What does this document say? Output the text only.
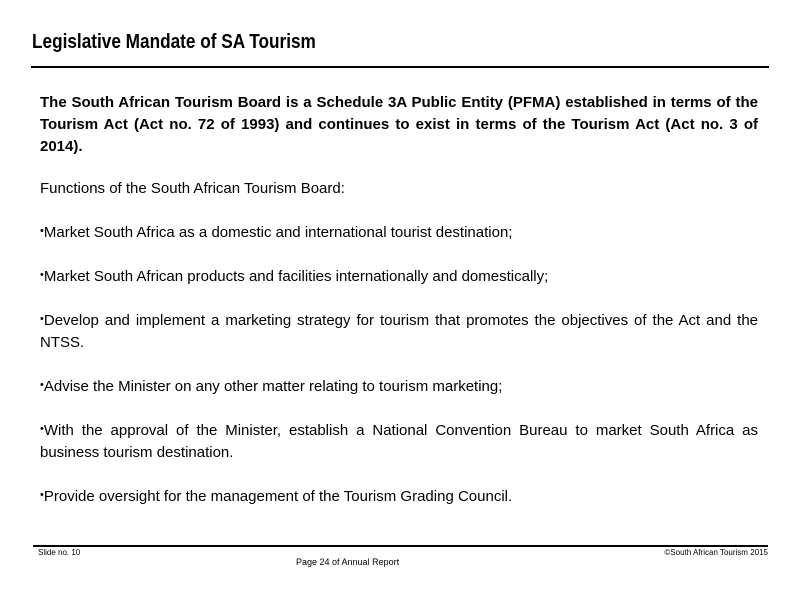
Legislative Mandate of SA Tourism

The South African Tourism Board is a Schedule 3A Public Entity (PFMA) established in terms of the Tourism Act (Act no. 72 of 1993) and continues to exist in terms of the Tourism Act (Act no. 3 of 2014).

Functions of the South African Tourism Board:

•Market South Africa as a domestic and international tourist destination;
•Market South African products and facilities internationally and domestically;
•Develop and implement a marketing strategy for tourism that promotes the objectives of the Act and the NTSS.
•Advise the Minister on any other matter relating to tourism marketing;
•With the approval of the Minister, establish a National Convention Bureau to market South Africa as business tourism destination.
•Provide oversight for the management of the Tourism Grading Council.
Slide no. 10
Page 24 of Annual Report
©South African Tourism 2015
